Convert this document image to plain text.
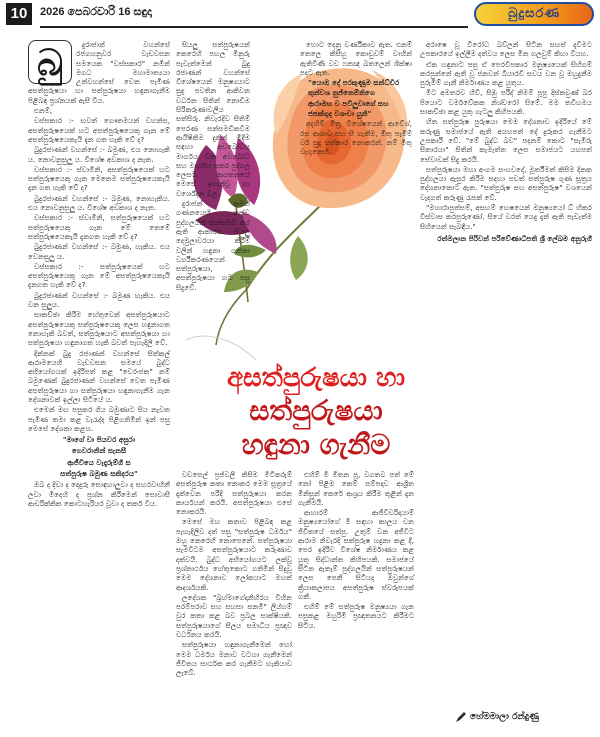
10	2026 පෙබරවාරි 16 සඳුදා	බුදුසරණ
බු	දුරාජාන් වහන්සේ රජගහනුවර වැඩවසන සමයෙක "වස්සකාර" නමින් මගධ මහාමාත්‍යයා උන්වහන්සේ වෙත පැමිණ අසත්පුරුෂයා හා සත්පුරුෂයා හඳුනාගැනීම පිළිබඳ ප්‍රශ්නයක් ඇසී විය.

එනම්,

වස්සකාර :- භවත් ගෞතමයන් වහන්ස, අසත්පුරුෂයෙක් හට අසත්පුරුෂයෙකු ගැන මේ අසත්පුරුෂයෙකැයි දැන ගත හැකි වේ ද?

බුදුරජාණන් වහන්සේ :- බමුණ, එය නොහැකි ය. නොවනුසුලු ය. විශේෂ අවකාශ ද නැත.

වස්සකාර :- ස්වාමිනි, අසත්පුරුෂයෙක් හට සත්පුරුෂයෙකු ගැන මෙතෙම සත්පුරුෂයෙකැයි දැන ගත හැකි වේ ද?

බුදුරජාණන් වහන්සේ :- බමුණ, නොහැකිය. එය නොවනුසුලු ය. විශේෂ අවකාශ ද නැත.

වස්සකාර :- ස්වාමිනි, සත්පුරුෂයෙක් හට සත්පුරුෂයෙකු ගැන මේ තෙමේ සත්පුරුෂයෙකැයි දැනගත හැකි වේ ද?

බුදුරජාණන් වහන්සේ :- බමුණ, හැකිය. එය වෙනසුලු ය.

වස්සකාර :- සත්පුරුෂයෙක් හට අසත්පුරුෂයෙකු ගැන මේ අසත්පුරුෂයෙකැයි දැනගත හැකි වේ ද?

බුදුරජාණන් වහන්සේ :- බමුණ හැකිය. එය වන සුලුය.

සාකච්ඡා කිරීම හේතුවෙන් අසත්පුරුෂයාට අසත්පුරුෂයෙකු සත්පුරුෂයෙකු ලෙස හඳුනාගත නොහැකි බවත්, සත්පුරුෂයාට අසත්පුරුෂයා හා සත්පුරුෂයා හඳුනාගත හැකි බවත් පැහැදිලි වේ.

දින්නක් බුදු රජාණන් වහන්සේ සිත්කල් ආරාමයෙහි වැඩවසන සමයේ බුද්ධ අභියෝගයක් ඉදිරිපත් කළ "වෙරංජක" නම් බමුණෙක් බුදුරජාණන් වහන්සේ වෙත පැමිණ අසත්පුරුෂයා හා සත්පුරුෂයා හඳුනාගැනීම ගැන දේශනාවක් ඉල්ලා සිටියේ ය.

එමෙන් මඟ පසුකර ගිය බමුණාට සිය නැවත පැමිණ තමා කළ වැරැද්ද පිළිගනිමින් ඉන් පසු මෙසේ දේශනා කළහ.

"මාගේ වා පියවර අසුරා

ගෙවරානින් සැනසී

ආජීවියෙ වැදෑරුම්ගී ස

සත්පුරුෂ බමුණ සකිදරය"

ඔබ ද දිවා ද දෙදුරු සොඳහාලුවා ද සහරවාහිනී ලවා මිදෙහි ද ප්‍රශ්න කිරීමෙන් සොවාසී ආචරික්කික කොටහැරියර වූවා ද තර්ක වීය.

අසත්පුරුෂයා හා
සත්පුරුෂයා
හඳුනා ගැනීම

සියලු සත්පුරුෂයන් කෙරෙහි පහල මිනුරු පැවැත්මෙන් බුදු රජාණන් වහන්සේ විශේෂයෙන් මනුෂ්‍යයාට සුදු පවතින ආකිවන වර්ධන සිතින් නොඩීම සිරිකරුණාවලිය සත්සිරු. නිවැරදිව සිතිම් පෙරණ සන්සමඩිකවීම ආයිෂිකිම දුකින් මිදීම සඳහා අවබෝධය මාර්ගය වන අවබෝධ සහ මාර්ගය සතර පුද්ගල ලෙසට ආයතනයේ මෙසේ ඉගැන්වූ හා වර්ශේදන වල.

දුරාජන් කුමන් ගණනයෙහි තක්ව පුද්ගලයින් සන්සමඩි කර ඇති ආකාරය. සියලු දෙමුලාවරයා කිරීම් වලින් හඳුනා ගන්නා වර්ගීකරණයෙන් සත්පුරුෂයා, අසත්පුරුෂයා හට පසු සිදුවේ.

වඩසෙල් ප්‍රජ්වලි කිසිම මීටිකරුම් අසත්පුරුෂ කතා නොකර මෙම සූත්‍රයේ දැක්වෙන පරිදි සත්පුරුෂයා කරන කාර්යයන් කරයි. අසත්පුරුෂයා එසේ නොකරයි.

මෙසේ මහ කතාව පිළිබඳ කළ පැහැදිලිව දත් පසු "සත්පුරුෂ ධර්මය" ඔහු කෙරෙහි නොපෙනේ. සත්පුරුෂයා සැමවිටම අසත්පුරුෂයාට කරුණාව දක්වයි. බුද්ධ අභියෝගයට ලක්වූ ප්‍රශ්නාර්ථය හේතුකොට ගනිමින් සිදුවූ මෙම දේශනාව ලෝකයාට මහත් ආදර්ශයකි.

ලදේශක "බ්‍රහ්මාගේදානිහිරය විහින පරම්පරාව සහ සහසා සනමි" ලිය්හම් වුර කතා කළ බව ප්‍රබල සාක්ෂියකි. සත්පුරුෂයාගේ සීලය සමාධිය ප්‍රඥාව වර්ධනය කරයි.

සත්පුරුෂයා හඳුනාගැනීමෙන් හෝ මෙම ධර්මය මනාව වටහා ගැනීමෙන් ජීවිතය සාර්ථක කර ගැනීමට හැකියාව ලැබේ.

හොට දෙනු වර්ණිකාව ඇත. එනම් තෙලෙ කිසීහු කොඩුවම් වාහින් ඇතිවිණි වව ෆනඥ බතලෙන් ශික්ෂා පදට ඇත.

"යොඔ දේ පරකුණුම සන්ධ්වීර

තුන්වශ නුජ්නෙම්නිගෙ

ආරාමහ ව පවිලුවාගේ සහ

ජපක්ගුද වශංවා යුනි"

අදහිම් මිත්‍ර විශේෂයෙන් ආවේශ්, රස ආශාව සහ සී ගැනීම, මිතු පැමීම් වර් සුදු සත්කාර නොකරන්. නම් මිතු වැගුනෙහි.

එහිම් මී මිතන පූ, වගතව පත් මේ නෝ පිළිම කෙම් සම්පදාව ආශ්‍රිත මිනිසුන් කෙරේ ආශ්‍රය කිරීම තුළින් දැන ගැනීමයි.

ආහාරම් ආජීවීවරිදායාම් මනුෂ්‍යයෝගේ මී සඳහා කාලය වන ජිවිතයේ සත්පු. උතුම් වන අජීවීට ආරාම නිවැරදි සත්පුරුෂ හදුනා කළ දී, පෙර ඉදිරිව විශේෂ නිර්මාණය කළ යුතු සිද්ධාන්ත කිහිපයකි. සමාජයේ සිටින ඇතැම් පුද්ගලයින් සත්පුරුෂයන් ලෙස පෙනී සිටියද ඔවුන්ගේ ක්‍රියාකලාපය අසත්පුරුෂ ස්වරූපයක් ගනී.

එහිම් මේ සත්පුරුෂ මනුෂ්‍යයා ගැන පසුකළ මහුරිමී ප්‍රඥාතනයට කිරීමට සිටිය.

අරාෂෙ වූ විරෝධ බව්ලන් සිටින සහස් දැවීමට උපකාරයේ ඉල්ලීම දත්වය ලෙස මින ගලවුම් කිහා වියහ.

ඒක හඳුනාට පසු ඒ පෙරවීපකාර මනුෂ්‍යයෙක් සිහිගම් කරපුන්නේ ඇති වූ ජනවන් බියාරවී සවය වන වූ මහුදුනීම පුරුමීම් ගැනී නිර්මාණය කළ යුතුය.

මීට අමතරව හිවි, සිඹු පරීද් නිමම් පූපු දිස්කවුණ් බර පියොට වර්මවේකක නිශ්චරෝ සිමේ. මම තවිහමය සාකච්ඡා කළ යුතු ගැටලු කිහිපයකි.

හිත සත්පුරුෂ පුරුෂයා මෙම දේශනාව ඉදිරියේ මේ කරුණු සමාජයේ ඇති අයහපත් දේ දුරුකර ගැනීමට උපකාරී වේ. "මේ බුද්ධ බව" පදනම් කොට "සැමිරු සිතාරයා" සිතින් කැමැත්ත ලෙස සමාජයට යහපත් සේවාවක් සිදු කරයි.

සත්පුරුෂයා මහා අංගම සංහවදේ, මූර්තිමත් කිසිම දිනක පුද්ගලයා ඇසුර කිරීම සදහා පවත් සත්පුරුෂ ගුණ සූත්‍රය දේශනාකොට ඇත. "සත්පුරුෂ සහ අසත්පුරුෂ" වශයෙන් වැදගත් කරුණු රැසක් වේ.

"මහාරාපුත්සම්, අසහම් හෙෂයෙන් මනුෂ්‍යයෝ ධ් හිකර විස්වාස කරපුරුණෝ. සියේ වරත් යෙදු දැන් ඇති පැවැත්ම සිහියෙන් සැබඳීය."

රත්මලාන පිරිවන් පරිවේණාධිපති ශ්‍රී ලේඛම අනුරුගී

හේමමාලා රන්දුණු
